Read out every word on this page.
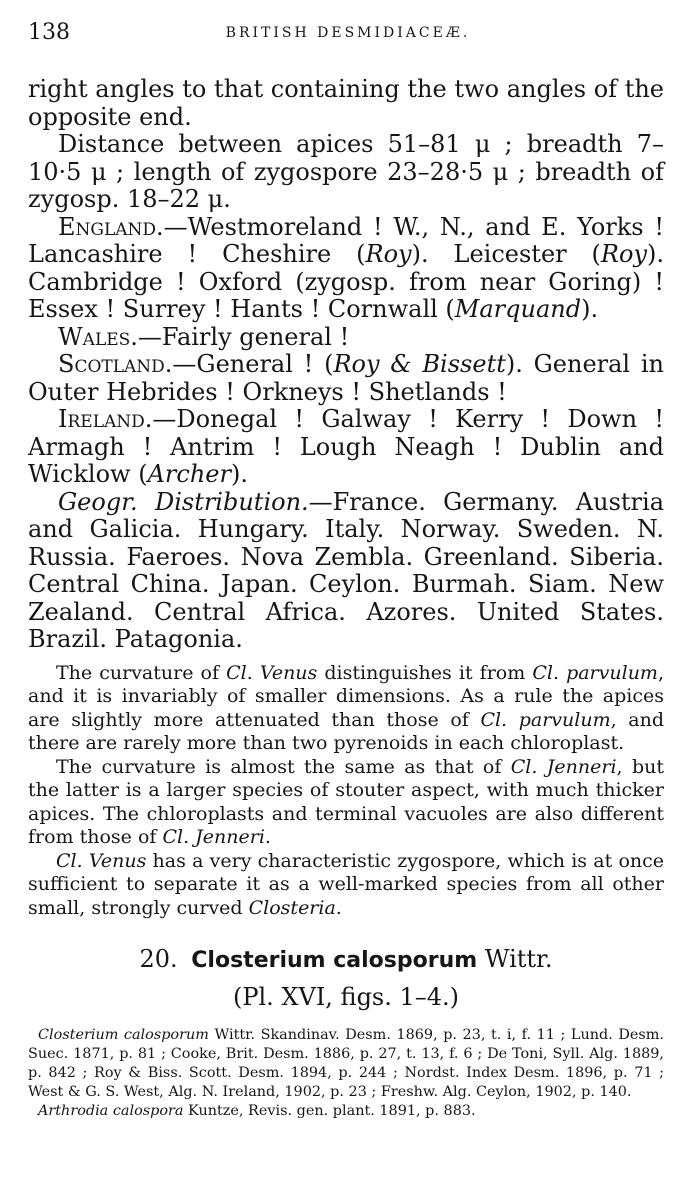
138	BRITISH DESMIDIACEÆ.

right angles to that containing the two angles of the opposite end.

Distance between apices 51–81 μ ; breadth 7–10·5 μ ; length of zygospore 23–28·5 μ ; breadth of zygosp. 18–22 μ.

England.—Westmoreland ! W., N., and E. Yorks ! Lancashire ! Cheshire (Roy). Leicester (Roy). Cambridge ! Oxford (zygosp. from near Goring) ! Essex ! Surrey ! Hants ! Cornwall (Marquand).

Wales.—Fairly general !

Scotland.—General ! (Roy & Bissett). General in Outer Hebrides ! Orkneys ! Shetlands !

Ireland.—Donegal ! Galway ! Kerry ! Down ! Armagh ! Antrim ! Lough Neagh ! Dublin and Wicklow (Archer).

Geogr. Distribution.—France. Germany. Austria and Galicia. Hungary. Italy. Norway. Sweden. N. Russia. Faeroes. Nova Zembla. Greenland. Siberia. Central China. Japan. Ceylon. Burmah. Siam. New Zealand. Central Africa. Azores. United States. Brazil. Patagonia.

The curvature of Cl. Venus distinguishes it from Cl. parvulum, and it is invariably of smaller dimensions. As a rule the apices are slightly more attenuated than those of Cl. parvulum, and there are rarely more than two pyrenoids in each chloroplast.

The curvature is almost the same as that of Cl. Jenneri, but the latter is a larger species of stouter aspect, with much thicker apices. The chloroplasts and terminal vacuoles are also different from those of Cl. Jenneri.

Cl. Venus has a very characteristic zygospore, which is at once sufficient to separate it as a well-marked species from all other small, strongly curved Closteria.

20. Closterium calosporum Wittr.
(Pl. XVI, figs. 1–4.)

Closterium calosporum Wittr. Skandinav. Desm. 1869, p. 23, t. i, f. 11 ; Lund. Desm. Suec. 1871, p. 81 ; Cooke, Brit. Desm. 1886, p. 27, t. 13, f. 6 ; De Toni, Syll. Alg. 1889, p. 842 ; Roy & Biss. Scott. Desm. 1894, p. 244 ; Nordst. Index Desm. 1896, p. 71 ; West & G. S. West, Alg. N. Ireland, 1902, p. 23 ; Freshw. Alg. Ceylon, 1902, p. 140.

Arthrodia calospora Kuntze, Revis. gen. plant. 1891, p. 883.
